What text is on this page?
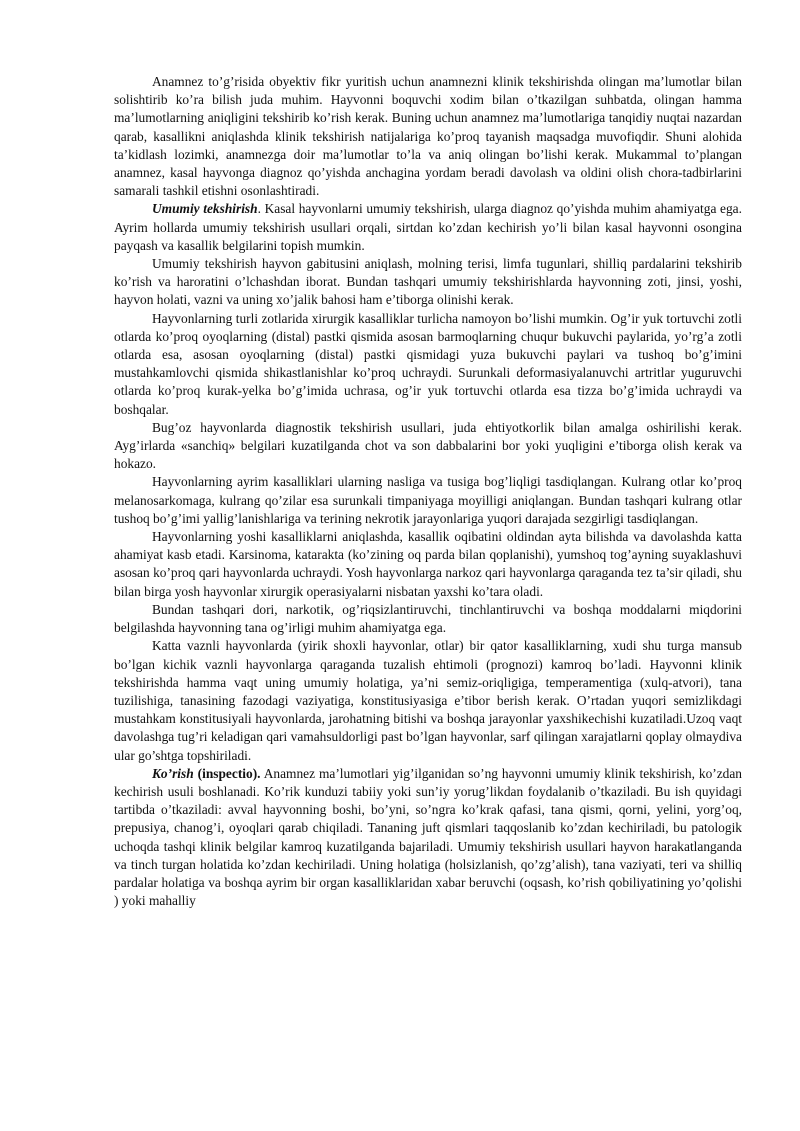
Anamnez to’g’risida obyektiv fikr yuritish uchun anamnezni klinik tekshirishda olingan ma’lumotlar bilan solishtirib ko’ra bilish juda muhim. Hayvonni boquvchi xodim bilan o’tkazilgan suhbatda, olingan hamma ma’lumotlarning aniqligini tekshirib ko’rish kerak. Buning uchun anamnez ma’lumotlariga tanqidiy nuqtai nazardan qarab, kasallikni aniqlashda klinik tekshirish natijalariga ko’proq tayanish maqsadga muvofiqdir. Shuni alohida ta’kidlash lozimki, anamnezga doir ma’lumotlar to’la va aniq olingan bo’lishi kerak. Mukammal to’plangan anamnez, kasal hayvonga diagnoz qo’yishda anchagina yordam beradi davolash va oldini olish chora-tadbirlarini samarali tashkil etishni osonlashtiradi.

Umumiy tekshirish. Kasal hayvonlarni umumiy tekshirish, ularga diagnoz qo’yishda muhim ahamiyatga ega. Ayrim hollarda umumiy tekshirish usullari orqali, sirtdan ko’zdan kechirish yo’li bilan kasal hayvonni osongina payqash va kasallik belgilarini topish mumkin.

Umumiy tekshirish hayvon gabitusini aniqlash, molning terisi, limfa tugunlari, shilliq pardalarini tekshirib ko’rish va haroratini o’lchashdan iborat. Bundan tashqari umumiy tekshirishlarda hayvonning zoti, jinsi, yoshi, hayvon holati, vazni va uning xo’jalik bahosi ham e’tiborga olinishi kerak.

Hayvonlarning turli zotlarida xirurgik kasalliklar turlicha namoyon bo’lishi mumkin. Og’ir yuk tortuvchi zotli otlarda ko’proq oyoqlarning (distal) pastki qismida asosan barmoqlarning chuqur bukuvchi paylarida, yo’rg’a zotli otlarda esa, asosan oyoqlarning (distal) pastki qismidagi yuza bukuvchi paylari va tushoq bo’g’imini mustahkamlovchi qismida shikastlanishlar ko’proq uchraydi. Surunkali deformasiyalanuvchi artritlar yuguruvchi otlarda ko’proq kurak-yelka bo’g’imida uchrasa, og’ir yuk tortuvchi otlarda esa tizza bo’g’imida uchraydi va boshqalar.

Bug’oz hayvonlarda diagnostik tekshirish usullari, juda ehtiyotkorlik bilan amalga oshirilishi kerak. Ayg’irlarda «sanchiq» belgilari kuzatilganda chot va son dabbalarini bor yoki yuqligini e’tiborga olish kerak va hokazo.

Hayvonlarning ayrim kasalliklari ularning nasliga va tusiga bog’liqligi tasdiqlangan. Kulrang otlar ko’proq melanosarkomaga, kulrang qo’zilar esa surunkali timpaniyaga moyilligi aniqlangan. Bundan tashqari kulrang otlar tushoq bo’g’imi yallig’lanishlariga va terining nekrotik jarayonlariga yuqori darajada sezgirligi tasdiqlangan.

Hayvonlarning yoshi kasalliklarni aniqlashda, kasallik oqibatini oldindan ayta bilishda va davolashda katta ahamiyat kasb etadi. Karsinoma, katarakta (ko’zining oq parda bilan qoplanishi), yumshoq tog’ayning suyaklashuvi asosan ko’proq qari hayvonlarda uchraydi. Yosh hayvonlarga narkoz qari hayvonlarga qaraganda tez ta’sir qiladi, shu bilan birga yosh hayvonlar xirurgik operasiyalarni nisbatan yaxshi ko’tara oladi.

Bundan tashqari dori, narkotik, og’riqsizlantiruvchi, tinchlantiruvchi va boshqa moddalarni miqdorini belgilashda hayvonning tana og’irligi muhim ahamiyatga ega.

Katta vaznli hayvonlarda (yirik shoxli hayvonlar, otlar) bir qator kasalliklarning, xudi shu turga mansub bo’lgan kichik vaznli hayvonlarga qaraganda tuzalish ehtimoli (prognozi) kamroq bo’ladi. Hayvonni klinik tekshirishda hamma vaqt uning umumiy holatiga, ya’ni semiz-oriqligiga, temperamentiga (xulq-atvori), tana tuzilishiga, tanasining fazodagi vaziyatiga, konstitusiyasiga e’tibor berish kerak. O’rtadan yuqori semizlikdagi mustahkam konstitusiyali hayvonlarda, jarohatning bitishi va boshqa jarayonlar yaxshikechishi kuzatiladi.Uzoq vaqt davolashga tug’ri keladigan qari vamahsuldorligi past bo’lgan hayvonlar, sarf qilingan xarajatlarni qoplay olmaydiva ular go’shtga topshiriladi.

Ko’rish (inspectio). Anamnez ma’lumotlari yig’ilganidan so’ng hayvonni umumiy klinik tekshirish, ko’zdan kechirish usuli boshlanadi. Ko’rik kunduzi tabiiy yoki sun’iy yorug’likdan foydalanib o’tkaziladi. Bu ish quyidagi tartibda o’tkaziladi: avval hayvonning boshi, bo’yni, so’ngra ko’krak qafasi, tana qismi, qorni, yelini, yorg’oq, prepusiya, chanog’i, oyoqlari qarab chiqiladi. Tananing juft qismlari taqqoslanib ko’zdan kechiriladi, bu patologik uchoqda tashqi klinik belgilar kamroq kuzatilganda bajariladi. Umumiy tekshirish usullari hayvon harakatlanganda va tinch turgan holatida ko’zdan kechiriladi. Uning holatiga (holsizlanish, qo’zg’alish), tana vaziyati, teri va shilliq pardalar holatiga va boshqa ayrim bir organ kasalliklaridan xabar beruvchi (oqsash, ko’rish qobiliyatining yo’qolishi ) yoki mahalliy
